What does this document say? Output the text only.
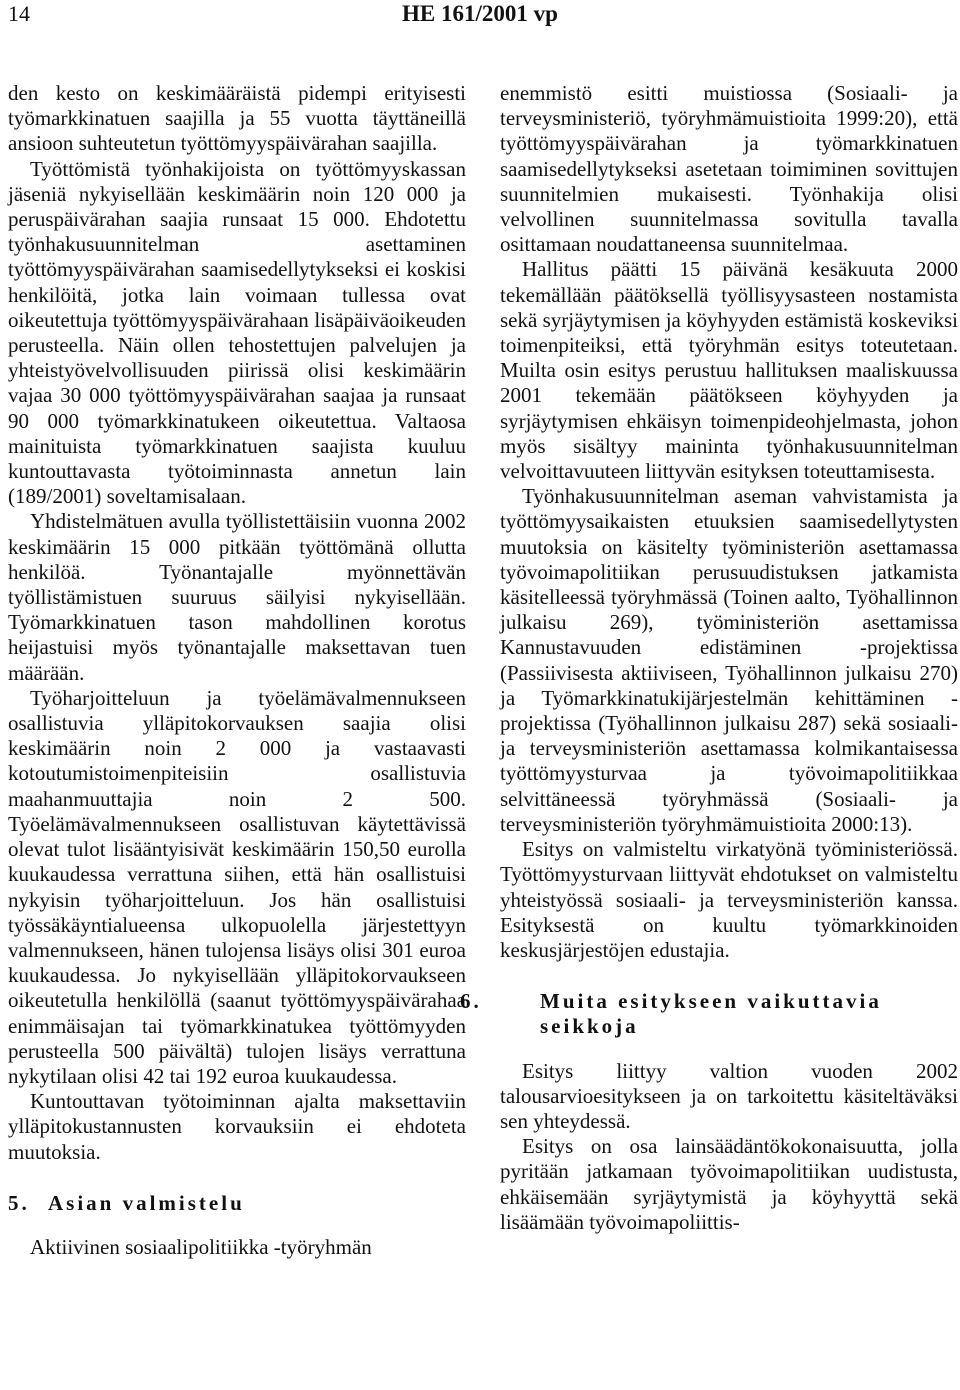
14	HE 161/2001 vp

den kesto on keskimääräistä pidempi erityisesti työmarkkinatuen saajilla ja 55 vuotta täyttäneillä ansioon suhteutetun työttömyyspäivärahan saajilla.

Työttömistä työnhakijoista on työttömyyskassan jäseniä nykyisellään keskimäärin noin 120 000 ja peruspäivärahan saajia runsaat 15 000. Ehdotettu työnhakusuunnitelman asettaminen työttömyyspäivärahan saamisedellytykseksi ei koskisi henkilöitä, jotka lain voimaan tullessa ovat oikeutettuja työttömyyspäivärahaan lisäpäiväoikeuden perusteella. Näin ollen tehostettujen palvelujen ja yhteistyövelvollisuuden piirissä olisi keskimäärin vajaa 30 000 työttömyyspäivärahan saajaa ja runsaat 90 000 työmarkkinatukeen oikeutettua. Valtaosa mainituista työmarkkinatuen saajista kuuluu kuntouttavasta työtoiminnasta annetun lain (189/2001) soveltamisalaan.

Yhdistelmätuen avulla työllistettäisiin vuonna 2002 keskimäärin 15 000 pitkään työttömänä ollutta henkilöä. Työnantajalle myönnettävän työllistämistuen suuruus säilyisi nykyisellään. Työmarkkinatuen tason mahdollinen korotus heijastuisi myös työnantajalle maksettavan tuen määrään.

Työharjoitteluun ja työelämävalmennukseen osallistuvia ylläpitokorvauksen saajia olisi keskimäärin noin 2 000 ja vastaavasti kotoutumistoimenpiteisiin osallistuvia maahanmuuttajia noin 2 500. Työelämävalmennukseen osallistuvan käytettävissä olevat tulot lisääntyisivät keskimäärin 150,50 eurolla kuukaudessa verrattuna siihen, että hän osallistuisi nykyisin työharjoitteluun. Jos hän osallistuisi työssäkäyntialueensa ulkopuolella järjestettyyn valmennukseen, hänen tulojensa lisäys olisi 301 euroa kuukaudessa. Jo nykyisellään ylläpitokorvaukseen oikeutetulla henkilöllä (saanut työttömyyspäivärahaa enimmäisajan tai työmarkkinatukea työttömyyden perusteella 500 päivältä) tulojen lisäys verrattuna nykytilaan olisi 42 tai 192 euroa kuukaudessa.

Kuntouttavan työtoiminnan ajalta maksettaviin ylläpitokustannusten korvauksiin ei ehdoteta muutoksia.

5. Asian valmistelu

Aktiivinen sosiaalipolitiikka -työryhmän

enemmistö esitti muistiossa (Sosiaali- ja terveysministeriö, työryhmämuistioita 1999:20), että työttömyyspäivärahan ja työmarkkinatuen saamisedellytykseksi asetetaan toimiminen sovittujen suunnitelmien mukaisesti. Työnhakija olisi velvollinen suunnitelmassa sovitulla tavalla osittamaan noudattaneensa suunnitelmaa.

Hallitus päätti 15 päivänä kesäkuuta 2000 tekemällään päätöksellä työllisyysasteen nostamista sekä syrjäytymisen ja köyhyyden estämistä koskeviksi toimenpiteiksi, että työryhmän esitys toteutetaan. Muilta osin esitys perustuu hallituksen maaliskuussa 2001 tekemään päätökseen köyhyyden ja syrjäytymisen ehkäisyn toimenpideohjelmasta, johon myös sisältyy maininta työnhakusuunnitelman velvoittavuuteen liittyvän esityksen toteuttamisesta.

Työnhakusuunnitelman aseman vahvistamista ja työttömyysaikaisten etuuksien saamisedellytysten muutoksia on käsitelty työministeriön asettamassa työvoimapolitiikan perusuudistuksen jatkamista käsitelleessä työryhmässä (Toinen aalto, Työhallinnon julkaisu 269), työministeriön asettamissa Kannustavuuden edistäminen -projektissa (Passiivisesta aktiiviseen, Työhallinnon julkaisu 270) ja Työmarkkinatukijärjestelmän kehittäminen -projektissa (Työhallinnon julkaisu 287) sekä sosiaali- ja terveysministeriön asettamassa kolmikantaisessa työttömyysturvaa ja työvoimapolitiikkaa selvittäneessä työryhmässä (Sosiaali- ja terveysministeriön työryhmämuistioita 2000:13).

Esitys on valmisteltu virkatyönä työministeriössä. Työttömyysturvaan liittyvät ehdotukset on valmisteltu yhteistyössä sosiaali- ja terveysministeriön kanssa. Esityksestä on kuultu työmarkkinoiden keskusjärjestöjen edustajia.

6.	Muita esitykseen vaikuttavia seikkoja

Esitys liittyy valtion vuoden 2002 talousarvioesitykseen ja on tarkoitettu käsiteltäväksi sen yhteydessä.

Esitys on osa lainsäädäntökokonaisuutta, jolla pyritään jatkamaan työvoimapolitiikan uudistusta, ehkäisemään syrjäytymistä ja köyhyyttä sekä lisäämään työvoimapoliittis-
